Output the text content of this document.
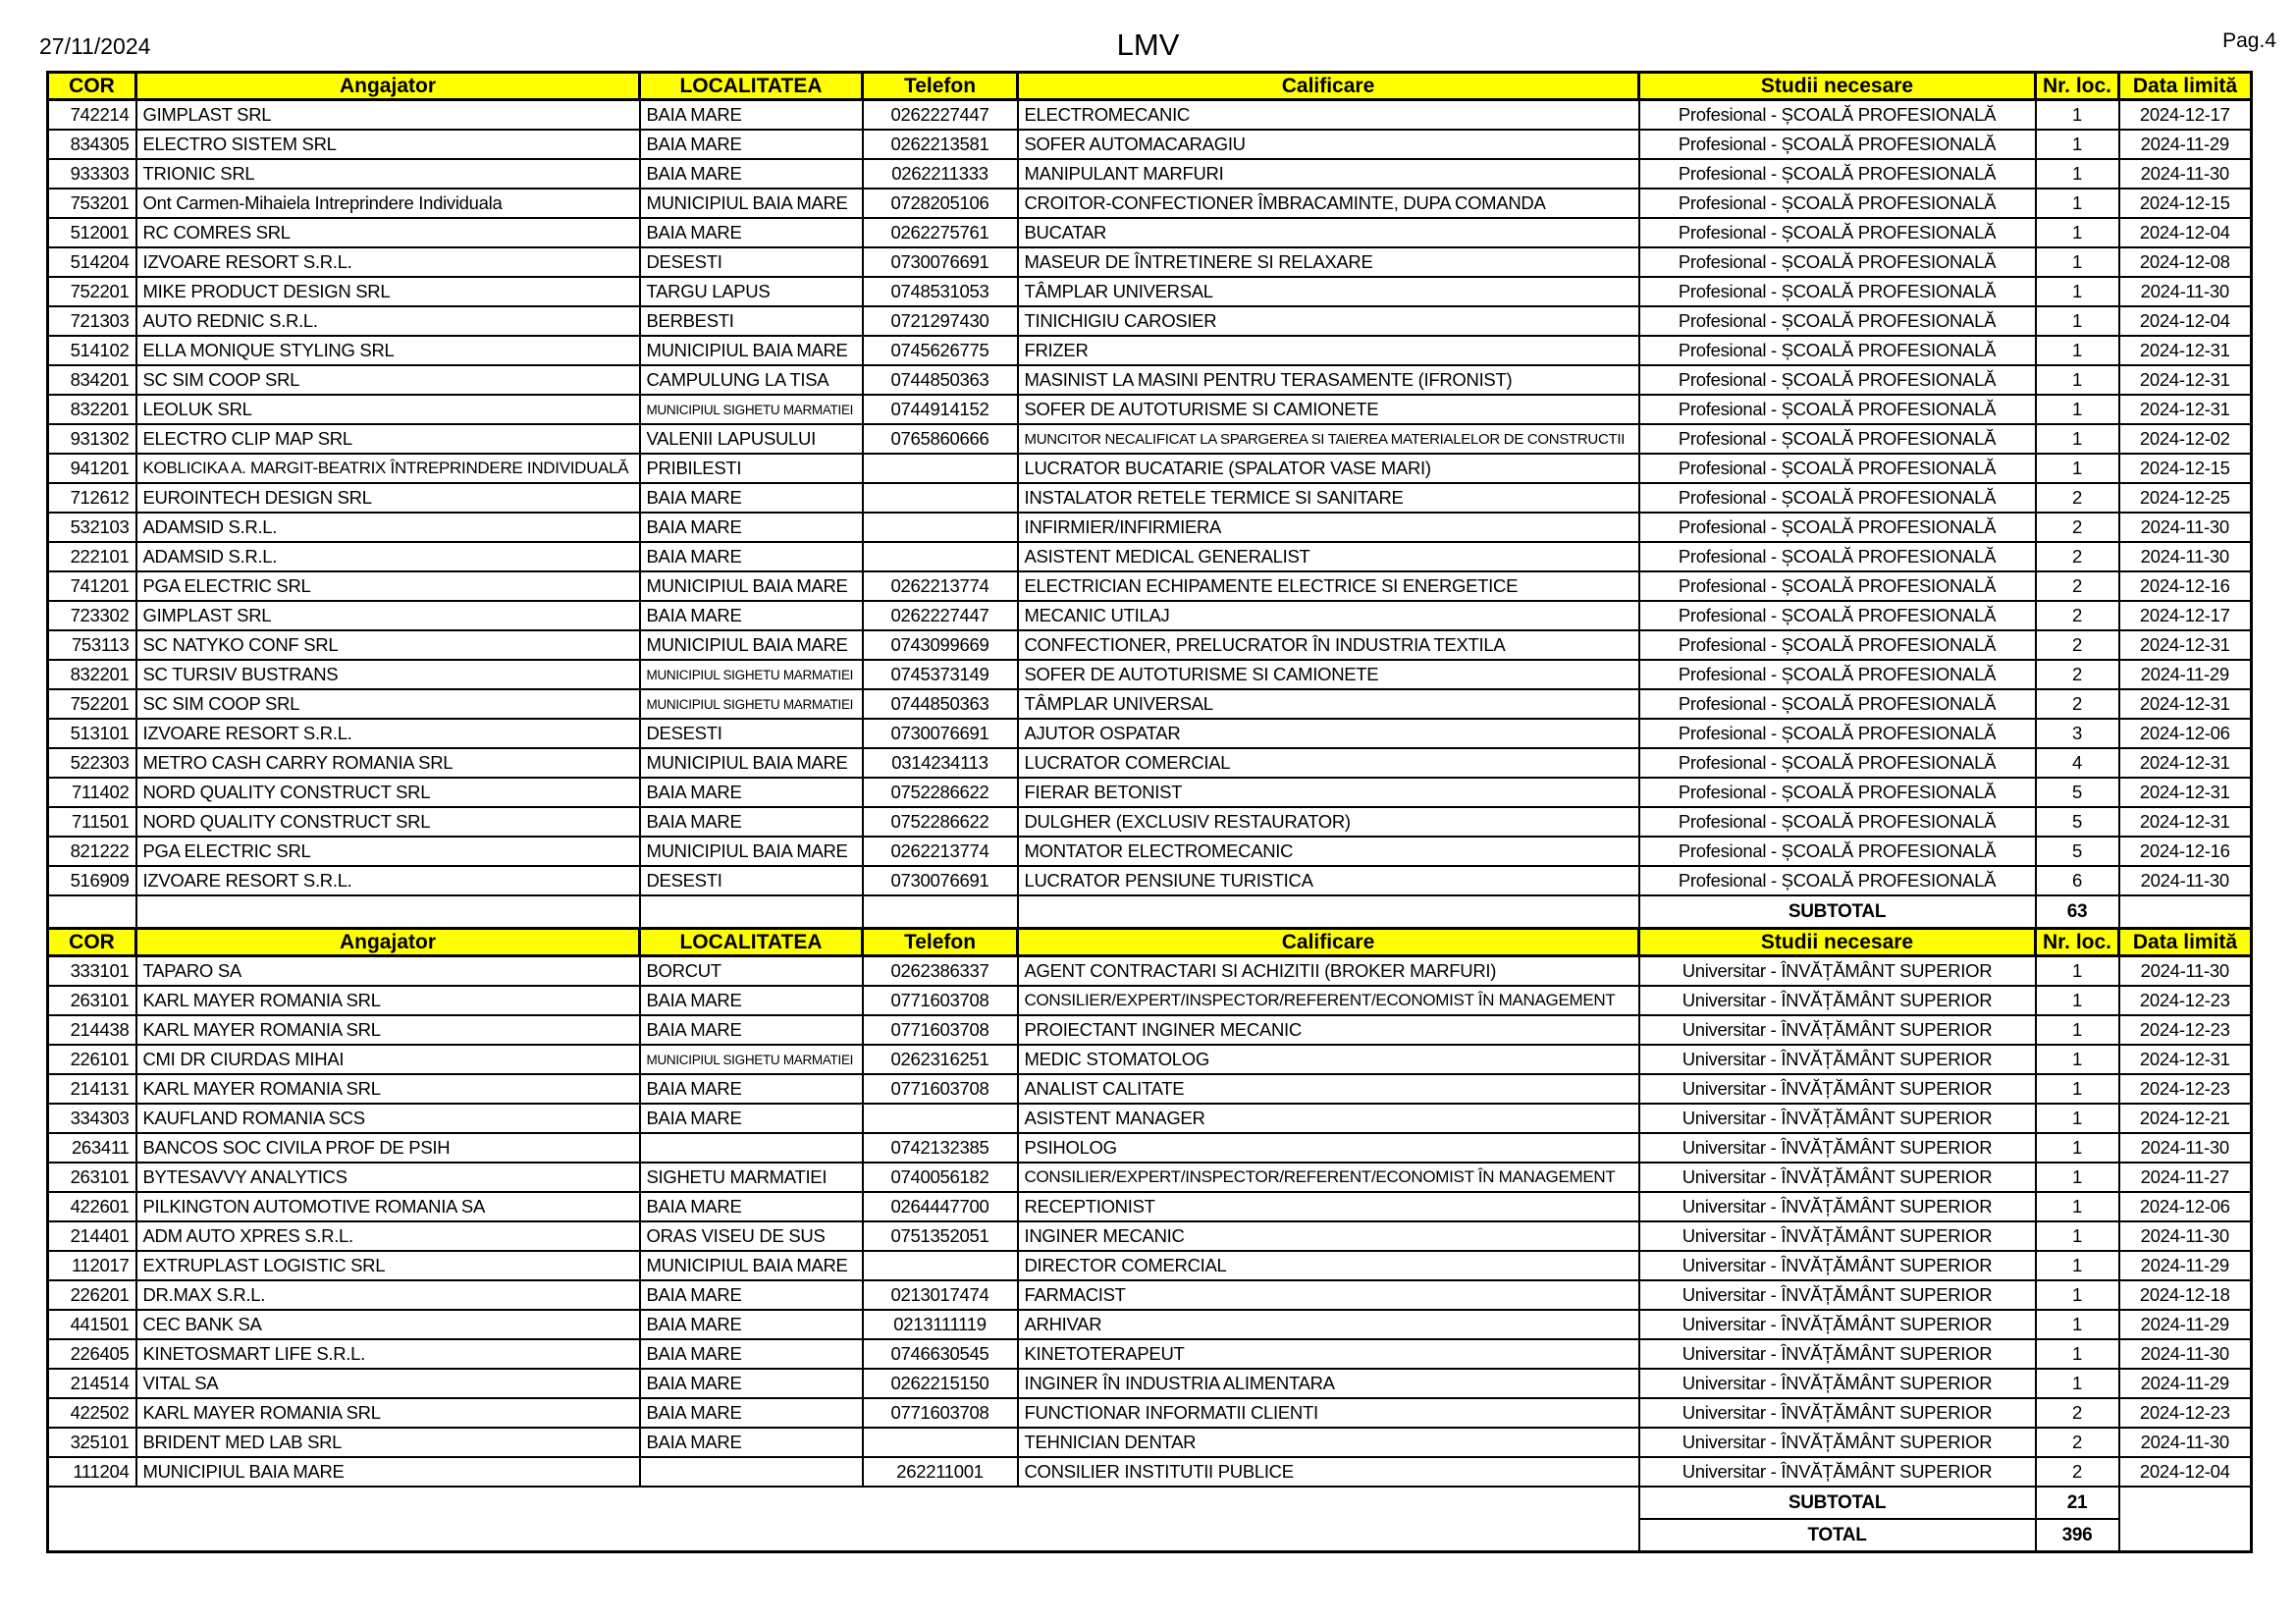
27/11/2024	LMV	Pag.4
COR	Angajator	LOCALITATEA	Telefon	Calificare	Studii necesare	Nr. loc.	Data limită
742214	GIMPLAST SRL	BAIA MARE	0262227447	ELECTROMECANIC	Profesional - ȘCOALĂ PROFESIONALĂ	1	2024-12-17
834305	ELECTRO SISTEM SRL	BAIA MARE	0262213581	SOFER AUTOMACARAGIU	Profesional - ȘCOALĂ PROFESIONALĂ	1	2024-11-29
933303	TRIONIC SRL	BAIA MARE	0262211333	MANIPULANT MARFURI	Profesional - ȘCOALĂ PROFESIONALĂ	1	2024-11-30
753201	Ont Carmen-Mihaiela Intreprindere Individuala	MUNICIPIUL BAIA MARE	0728205106	CROITOR-CONFECTIONER ÎMBRACAMINTE, DUPA COMANDA	Profesional - ȘCOALĂ PROFESIONALĂ	1	2024-12-15
512001	RC COMRES SRL	BAIA MARE	0262275761	BUCATAR	Profesional - ȘCOALĂ PROFESIONALĂ	1	2024-12-04
514204	IZVOARE RESORT S.R.L.	DESESTI	0730076691	MASEUR DE ÎNTRETINERE SI RELAXARE	Profesional - ȘCOALĂ PROFESIONALĂ	1	2024-12-08
752201	MIKE PRODUCT DESIGN SRL	TARGU LAPUS	0748531053	TÂMPLAR UNIVERSAL	Profesional - ȘCOALĂ PROFESIONALĂ	1	2024-11-30
721303	AUTO REDNIC S.R.L.	BERBESTI	0721297430	TINICHIGIU CAROSIER	Profesional - ȘCOALĂ PROFESIONALĂ	1	2024-12-04
514102	ELLA MONIQUE STYLING SRL	MUNICIPIUL BAIA MARE	0745626775	FRIZER	Profesional - ȘCOALĂ PROFESIONALĂ	1	2024-12-31
834201	SC SIM COOP SRL	CAMPULUNG LA TISA	0744850363	MASINIST LA MASINI PENTRU TERASAMENTE (IFRONIST)	Profesional - ȘCOALĂ PROFESIONALĂ	1	2024-12-31
832201	LEOLUK SRL	MUNICIPIUL SIGHETU MARMATIEI	0744914152	SOFER DE AUTOTURISME SI CAMIONETE	Profesional - ȘCOALĂ PROFESIONALĂ	1	2024-12-31
931302	ELECTRO CLIP MAP SRL	VALENII LAPUSULUI	0765860666	MUNCITOR NECALIFICAT LA SPARGEREA SI TAIEREA MATERIALELOR DE CONSTRUCTII	Profesional - ȘCOALĂ PROFESIONALĂ	1	2024-12-02
941201	KOBLICIKA A. MARGIT-BEATRIX ÎNTREPRINDERE INDIVIDUALĂ	PRIBILESTI		LUCRATOR BUCATARIE (SPALATOR VASE MARI)	Profesional - ȘCOALĂ PROFESIONALĂ	1	2024-12-15
712612	EUROINTECH DESIGN SRL	BAIA MARE		INSTALATOR RETELE TERMICE SI SANITARE	Profesional - ȘCOALĂ PROFESIONALĂ	2	2024-12-25
532103	ADAMSID S.R.L.	BAIA MARE		INFIRMIER/INFIRMIERA	Profesional - ȘCOALĂ PROFESIONALĂ	2	2024-11-30
222101	ADAMSID S.R.L.	BAIA MARE		ASISTENT MEDICAL GENERALIST	Profesional - ȘCOALĂ PROFESIONALĂ	2	2024-11-30
741201	PGA ELECTRIC SRL	MUNICIPIUL BAIA MARE	0262213774	ELECTRICIAN ECHIPAMENTE ELECTRICE SI ENERGETICE	Profesional - ȘCOALĂ PROFESIONALĂ	2	2024-12-16
723302	GIMPLAST SRL	BAIA MARE	0262227447	MECANIC UTILAJ	Profesional - ȘCOALĂ PROFESIONALĂ	2	2024-12-17
753113	SC NATYKO CONF SRL	MUNICIPIUL BAIA MARE	0743099669	CONFECTIONER, PRELUCRATOR ÎN INDUSTRIA TEXTILA	Profesional - ȘCOALĂ PROFESIONALĂ	2	2024-12-31
832201	SC TURSIV BUSTRANS	MUNICIPIUL SIGHETU MARMATIEI	0745373149	SOFER DE AUTOTURISME SI CAMIONETE	Profesional - ȘCOALĂ PROFESIONALĂ	2	2024-11-29
752201	SC SIM COOP SRL	MUNICIPIUL SIGHETU MARMATIEI	0744850363	TÂMPLAR UNIVERSAL	Profesional - ȘCOALĂ PROFESIONALĂ	2	2024-12-31
513101	IZVOARE RESORT S.R.L.	DESESTI	0730076691	AJUTOR OSPATAR	Profesional - ȘCOALĂ PROFESIONALĂ	3	2024-12-06
522303	METRO CASH CARRY ROMANIA SRL	MUNICIPIUL BAIA MARE	0314234113	LUCRATOR COMERCIAL	Profesional - ȘCOALĂ PROFESIONALĂ	4	2024-12-31
711402	NORD QUALITY CONSTRUCT SRL	BAIA MARE	0752286622	FIERAR BETONIST	Profesional - ȘCOALĂ PROFESIONALĂ	5	2024-12-31
711501	NORD QUALITY CONSTRUCT SRL	BAIA MARE	0752286622	DULGHER (EXCLUSIV RESTAURATOR)	Profesional - ȘCOALĂ PROFESIONALĂ	5	2024-12-31
821222	PGA ELECTRIC SRL	MUNICIPIUL BAIA MARE	0262213774	MONTATOR ELECTROMECANIC	Profesional - ȘCOALĂ PROFESIONALĂ	5	2024-12-16
516909	IZVOARE RESORT S.R.L.	DESESTI	0730076691	LUCRATOR PENSIUNE TURISTICA	Profesional - ȘCOALĂ PROFESIONALĂ	6	2024-11-30
					SUBTOTAL	63	
COR	Angajator	LOCALITATEA	Telefon	Calificare	Studii necesare	Nr. loc.	Data limită
333101	TAPARO SA	BORCUT	0262386337	AGENT CONTRACTARI SI ACHIZITII (BROKER MARFURI)	Universitar - ÎNVĂȚĂMÂNT SUPERIOR	1	2024-11-30
263101	KARL MAYER ROMANIA SRL	BAIA MARE	0771603708	CONSILIER/EXPERT/INSPECTOR/REFERENT/ECONOMIST ÎN MANAGEMENT	Universitar - ÎNVĂȚĂMÂNT SUPERIOR	1	2024-12-23
214438	KARL MAYER ROMANIA SRL	BAIA MARE	0771603708	PROIECTANT INGINER MECANIC	Universitar - ÎNVĂȚĂMÂNT SUPERIOR	1	2024-12-23
226101	CMI DR CIURDAS MIHAI	MUNICIPIUL SIGHETU MARMATIEI	0262316251	MEDIC STOMATOLOG	Universitar - ÎNVĂȚĂMÂNT SUPERIOR	1	2024-12-31
214131	KARL MAYER ROMANIA SRL	BAIA MARE	0771603708	ANALIST CALITATE	Universitar - ÎNVĂȚĂMÂNT SUPERIOR	1	2024-12-23
334303	KAUFLAND ROMANIA SCS	BAIA MARE		ASISTENT MANAGER	Universitar - ÎNVĂȚĂMÂNT SUPERIOR	1	2024-12-21
263411	BANCOS SOC CIVILA PROF DE PSIH		0742132385	PSIHOLOG	Universitar - ÎNVĂȚĂMÂNT SUPERIOR	1	2024-11-30
263101	BYTESAVVY ANALYTICS	SIGHETU MARMATIEI	0740056182	CONSILIER/EXPERT/INSPECTOR/REFERENT/ECONOMIST ÎN MANAGEMENT	Universitar - ÎNVĂȚĂMÂNT SUPERIOR	1	2024-11-27
422601	PILKINGTON AUTOMOTIVE ROMANIA SA	BAIA MARE	0264447700	RECEPTIONIST	Universitar - ÎNVĂȚĂMÂNT SUPERIOR	1	2024-12-06
214401	ADM AUTO XPRES S.R.L.	ORAS VISEU DE SUS	0751352051	INGINER MECANIC	Universitar - ÎNVĂȚĂMÂNT SUPERIOR	1	2024-11-30
112017	EXTRUPLAST LOGISTIC SRL	MUNICIPIUL BAIA MARE		DIRECTOR COMERCIAL	Universitar - ÎNVĂȚĂMÂNT SUPERIOR	1	2024-11-29
226201	DR.MAX S.R.L.	BAIA MARE	0213017474	FARMACIST	Universitar - ÎNVĂȚĂMÂNT SUPERIOR	1	2024-12-18
441501	CEC BANK SA	BAIA MARE	0213111119	ARHIVAR	Universitar - ÎNVĂȚĂMÂNT SUPERIOR	1	2024-11-29
226405	KINETOSMART LIFE S.R.L.	BAIA MARE	0746630545	KINETOTERAPEUT	Universitar - ÎNVĂȚĂMÂNT SUPERIOR	1	2024-11-30
214514	VITAL SA	BAIA MARE	0262215150	INGINER ÎN INDUSTRIA ALIMENTARA	Universitar - ÎNVĂȚĂMÂNT SUPERIOR	1	2024-11-29
422502	KARL MAYER ROMANIA SRL	BAIA MARE	0771603708	FUNCTIONAR INFORMATII CLIENTI	Universitar - ÎNVĂȚĂMÂNT SUPERIOR	2	2024-12-23
325101	BRIDENT MED LAB SRL	BAIA MARE		TEHNICIAN DENTAR	Universitar - ÎNVĂȚĂMÂNT SUPERIOR	2	2024-11-30
111204	MUNICIPIUL BAIA MARE		262211001	CONSILIER INSTITUTII PUBLICE	Universitar - ÎNVĂȚĂMÂNT SUPERIOR	2	2024-12-04
					SUBTOTAL	21	
					TOTAL	396	
